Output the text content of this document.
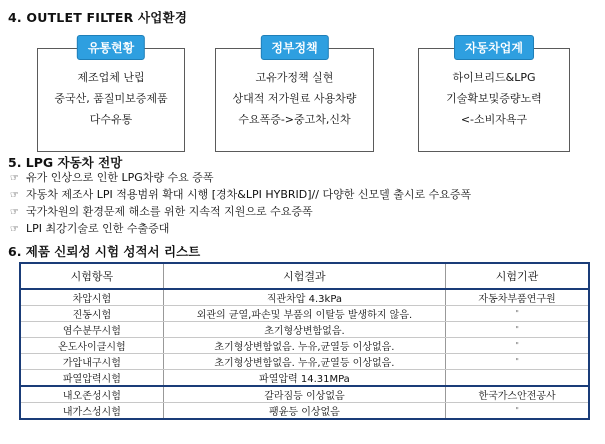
4. OUTLET FILTER 사업환경
유통현황
제조업체 난립
중국산, 품질미보증제품
다수유통
정부정책
고유가정책 실현
상대적 저가원료 사용차량
수요폭증->중고차,신차
자동차업계
하이브리드&LPG
기술확보및증량노력
<-소비자욕구
5. LPG 자동차 전망
☞ 유가 인상으로 인한 LPG차량 수요 증폭
☞ 자동차 제조사 LPI 적용범위 확대 시행 [경차&LPI HYBRID]// 다양한 신모델 출시로 수요증폭
☞ 국가차원의 환경문제 해소를 위한 지속적 지원으로 수요증폭
☞ LPI 최강기술로 인한 수출증대
6. 제품 신뢰성 시험 성적서 리스트
시험항목	시험결과	시험기관
차압시험	직관차압 4.3kPa	자동차부품연구원
진동시험	외관의 균열,파손및 부품의 이탈등 발생하지 않음.	"
염수분무시험	초기형상변함없음.	"
온도사이클시험	초기형상변함없음. 누유,균열등 이상없음.	"
가압내구시험	초기형상변함없음. 누유,균열등 이상없음.	"
파열압력시험	파열압력 14.31MPa	
내오존성시험	갈라짐등 이상없음	한국가스안전공사
내가스성시험	팽윤등 이상없음	"
